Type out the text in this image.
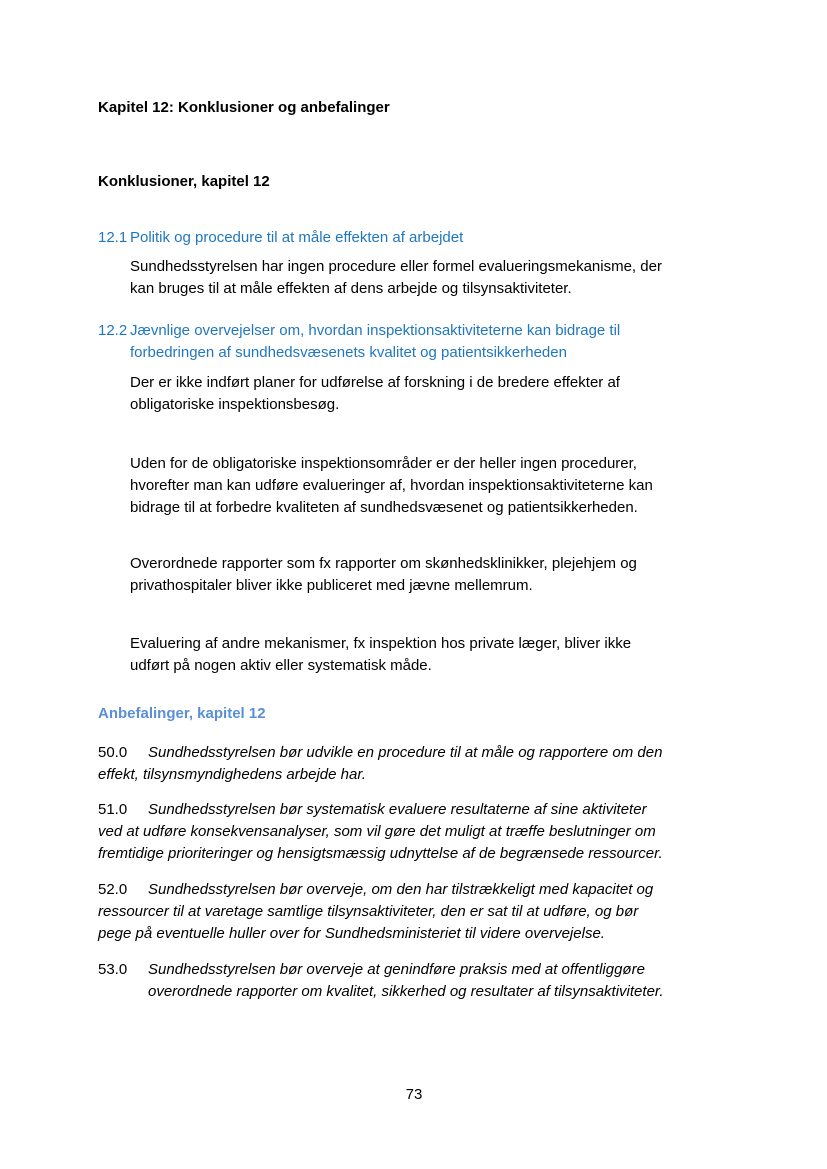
Kapitel 12: Konklusioner og anbefalinger
Konklusioner, kapitel 12
12.1 Politik og procedure til at måle effekten af arbejdet
Sundhedsstyrelsen har ingen procedure eller formel evalueringsmekanisme, der
kan bruges til at måle effekten af dens arbejde og tilsynsaktiviteter.
12.2 Jævnlige overvejelser om, hvordan inspektionsaktiviteterne kan bidrage til
forbedringen af sundhedsvæsenets kvalitet og patientsikkerheden
Der er ikke indført planer for udførelse af forskning i de bredere effekter af
obligatoriske inspektionsbesøg.
Uden for de obligatoriske inspektionsområder er der heller ingen procedurer,
hvorefter man kan udføre evalueringer af, hvordan inspektionsaktiviteterne kan
bidrage til at forbedre kvaliteten af sundhedsvæsenet og patientsikkerheden.
Overordnede rapporter som fx rapporter om skønhedsklinikker, plejehjem og
privathospitaler bliver ikke publiceret med jævne mellemrum.
Evaluering af andre mekanismer, fx inspektion hos private læger, bliver ikke
udført på nogen aktiv eller systematisk måde.
Anbefalinger, kapitel 12
50.0 Sundhedsstyrelsen bør udvikle en procedure til at måle og rapportere om den
effekt, tilsynsmyndighedens arbejde har.
51.0 Sundhedsstyrelsen bør systematisk evaluere resultaterne af sine aktiviteter
ved at udføre konsekvensanalyser, som vil gøre det muligt at træffe beslutninger om
fremtidige prioriteringer og hensigtsmæssig udnyttelse af de begrænsede ressourcer.
52.0 Sundhedsstyrelsen bør overveje, om den har tilstrækkeligt med kapacitet og
ressourcer til at varetage samtlige tilsynsaktiviteter, den er sat til at udføre, og bør
pege på eventuelle huller over for Sundhedsministeriet til videre overvejelse.
53.0 Sundhedsstyrelsen bør overveje at genindføre praksis med at offentliggøre
overordnede rapporter om kvalitet, sikkerhed og resultater af tilsynsaktiviteter.
73
